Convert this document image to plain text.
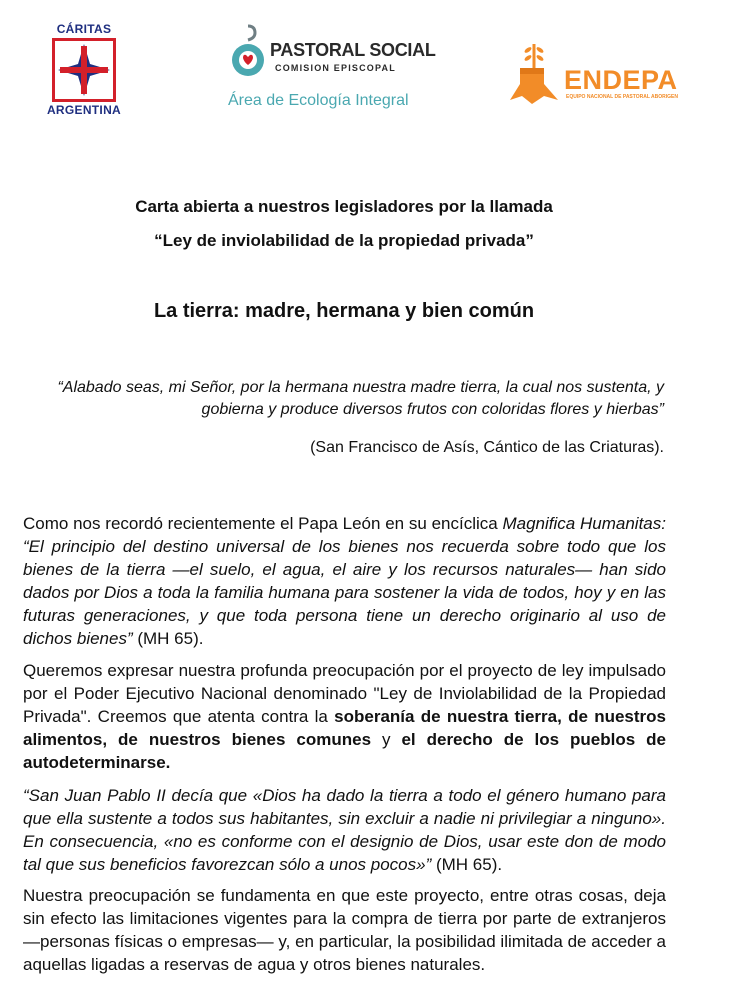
CÁRITAS
ARGENTINA
PASTORAL SOCIAL
COMISION EPISCOPAL
Área de Ecología Integral
ENDEPA
EQUIPO NACIONAL DE PASTORAL ABORIGEN
Carta abierta a nuestros legisladores por la llamada
“Ley de inviolabilidad de la propiedad privada”
La tierra: madre, hermana y bien común
“Alabado seas, mi Señor, por la hermana nuestra madre tierra, la cual nos sustenta, y
gobierna y produce diversos frutos con coloridas flores y hierbas”
(San Francisco de Asís, Cántico de las Criaturas).
Como nos recordó recientemente el Papa León en su encíclica Magnifica Humanitas: “El principio del destino universal de los bienes nos recuerda sobre todo que los bienes de la tierra —el suelo, el agua, el aire y los recursos naturales— han sido dados por Dios a toda la familia humana para sostener la vida de todos, hoy y en las futuras generaciones, y que toda persona tiene un derecho originario al uso de dichos bienes” (MH 65).
Queremos expresar nuestra profunda preocupación por el proyecto de ley impulsado por el Poder Ejecutivo Nacional denominado "Ley de Inviolabilidad de la Propiedad Privada". Creemos que atenta contra la soberanía de nuestra tierra, de nuestros alimentos, de nuestros bienes comunes y el derecho de los pueblos de autodeterminarse.
“San Juan Pablo II decía que «Dios ha dado la tierra a todo el género humano para que ella sustente a todos sus habitantes, sin excluir a nadie ni privilegiar a ninguno». En consecuencia, «no es conforme con el designio de Dios, usar este don de modo tal que sus beneficios favorezcan sólo a unos pocos»” (MH 65).
Nuestra preocupación se fundamenta en que este proyecto, entre otras cosas, deja sin efecto las limitaciones vigentes para la compra de tierra por parte de extranjeros —personas físicas o empresas— y, en particular, la posibilidad ilimitada de acceder a aquellas ligadas a reservas de agua y otros bienes naturales.
